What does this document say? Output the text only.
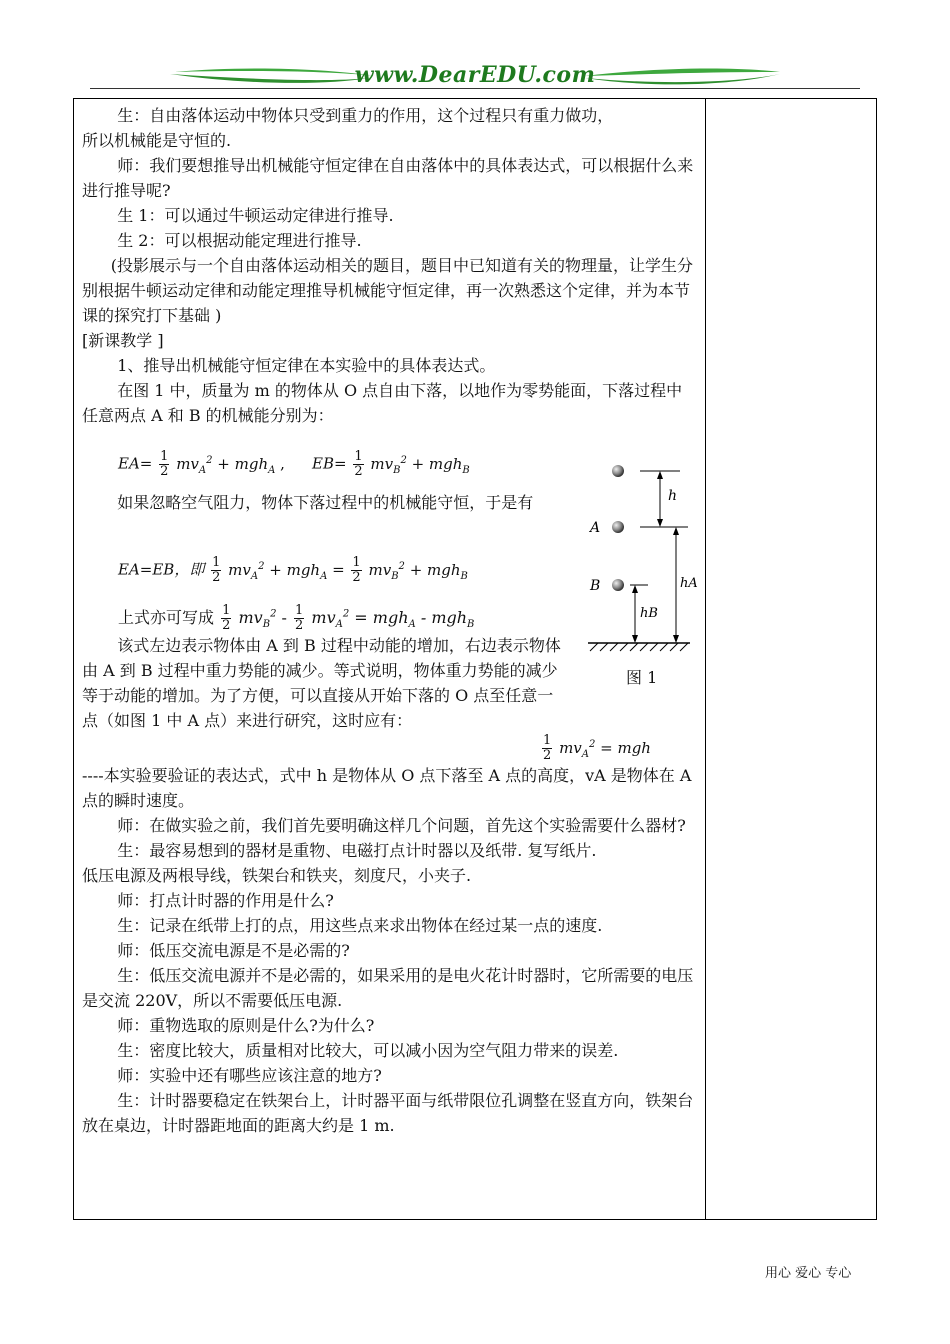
www.DearEDU.com

生：自由落体运动中物体只受到重力的作用，这个过程只有重力做功，

所以机械能是守恒的.

师：我们要想推导出机械能守恒定律在自由落体中的具体表达式，可以根据什么来进行推导呢?

生 1：可以通过牛顿运动定律进行推导.

生 2：可以根据动能定理进行推导.

(投影展示与一个自由落体运动相关的题目，题目中已知道有关的物理量，让学生分别根据牛顿运动定律和动能定理推导机械能守恒定律，再一次熟悉这个定律，并为本节课的探究打下基础 )

[新课教学 ]

1、推导出机械能守恒定律在本实验中的具体表达式。

在图 1 中，质量为 m 的物体从 O 点自由下落，以地作为零势能面，下落过程中任意两点 A 和 B 的机械能分别为：

如果忽略空气阻力，物体下落过程中的机械能守恒，于是有

该式左边表示物体由 A 到 B 过程中动能的增加，右边表示物体由 A 到 B 过程中重力势能的减少。等式说明，物体重力势能的减少等于动能的增加。为了方便，可以直接从开始下落的 O 点至任意一点（如图 1 中 A 点）来进行研究，这时应有：

$EA= \frac{1}{2} mv_A^2 + mgh_A$ , $EB= \frac{1}{2} mv_B^2 + mgh_B$
EA=EB，即 $\frac{1}{2} mv_A^2 + mgh_A = \frac{1}{2} mv_B^2 + mgh_B$
上式亦可写成 $\frac{1}{2} mv_B^2 - \frac{1}{2} mv_A^2 = mgh_A - mgh_B$
$\frac{1}{2} mv_A^2$ = mgh

----本实验要验证的表达式，式中 h 是物体从 O 点下落至 A 点的高度，vA 是物体在 A 点的瞬时速度。

师：在做实验之前，我们首先要明确这样几个问题，首先这个实验需要什么器材?

生：最容易想到的器材是重物、电磁打点计时器以及纸带. 复写纸片.

低压电源及两根导线，铁架台和铁夹，刻度尺，小夹子.

师：打点计时器的作用是什么?

生：记录在纸带上打的点，用这些点来求出物体在经过某一点的速度.

师：低压交流电源是不是必需的?

生：低压交流电源并不是必需的，如果采用的是电火花计时器时，它所需要的电压是交流 220V，所以不需要低压电源.

师：重物选取的原则是什么?为什么?

生：密度比较大，质量相对比较大，可以减小因为空气阻力带来的误差.

师：实验中还有哪些应该注意的地方?

生：计时器要稳定在铁架台上，计时器平面与纸带限位孔调整在竖直方向，铁架台放在桌边，计时器距地面的距离大约是 1 m.

A
B
h
hA
hB
图 1
用心 爱心 专心
